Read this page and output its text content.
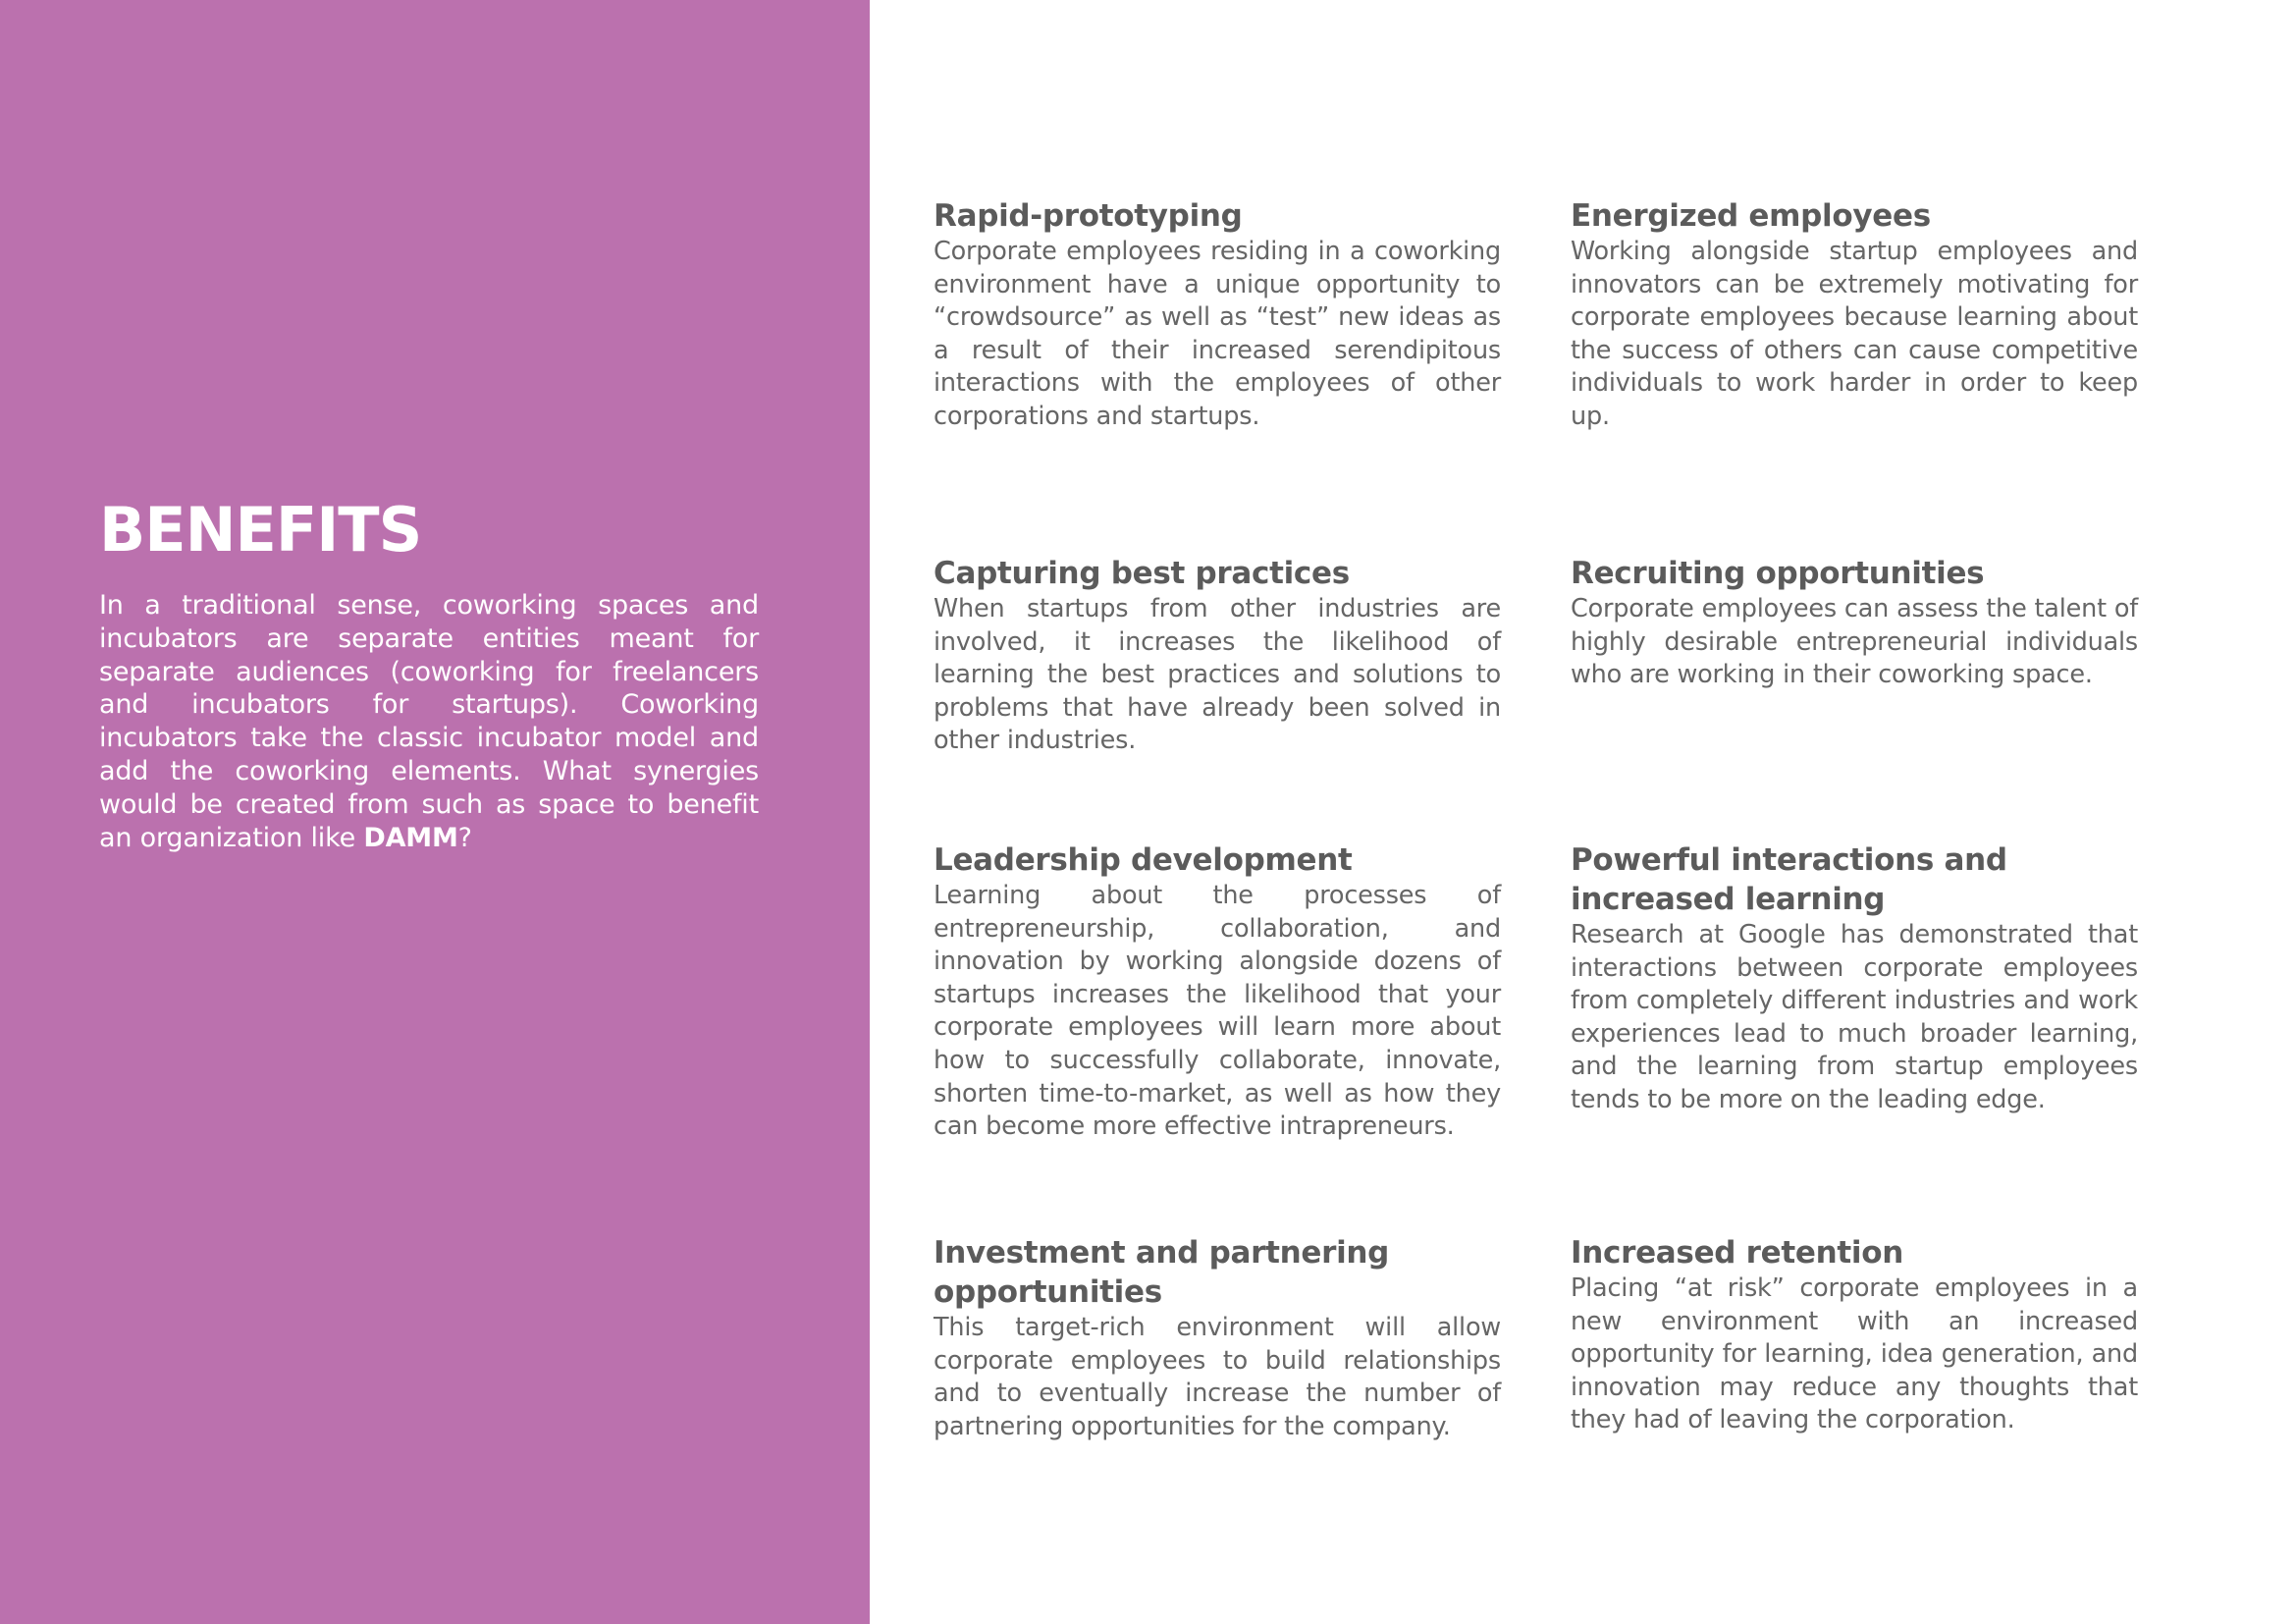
BENEFITS

In a traditional sense, coworking spaces and incubators are separate entities meant for separate audiences (coworking for freelancers and incubators for startups). Coworking incubators take the classic incubator model and add the coworking elements. What synergies would be created from such as space to benefit an organization like DAMM?

Rapid-prototyping

Corporate employees residing in a coworking environment have a unique opportunity to “crowdsource” as well as “test” new ideas as a result of their increased serendipitous interactions with the employees of other corporations and startups.

Energized employees

Working alongside startup employees and innovators can be extremely motivating for corporate employees because learning about the success of others can cause competitive individuals to work harder in order to keep up.

Capturing best practices

When startups from other industries are involved, it increases the likelihood of learning the best practices and solutions to problems that have already been solved in other industries.

Recruiting opportunities

Corporate employees can assess the talent of highly desirable entrepreneurial individuals who are working in their coworking space.

Leadership development

Learning about the processes of entrepreneurship, collaboration, and innovation by working alongside dozens of startups increases the likelihood that your corporate employees will learn more about how to successfully collaborate, innovate, shorten time-to-market, as well as how they can become more effective intrapreneurs.

Powerful interactions and increased learning

Research at Google has demonstrated that interactions between corporate employees from completely different industries and work experiences lead to much broader learning, and the learning from startup employees tends to be more on the leading edge.

Investment and partnering opportunities

This target-rich environment will allow corporate employees to build relationships and to eventually increase the number of partnering opportunities for the company.

Increased retention

Placing “at risk” corporate employees in a new environment with an increased opportunity for learning, idea generation, and innovation may reduce any thoughts that they had of leaving the corporation.
